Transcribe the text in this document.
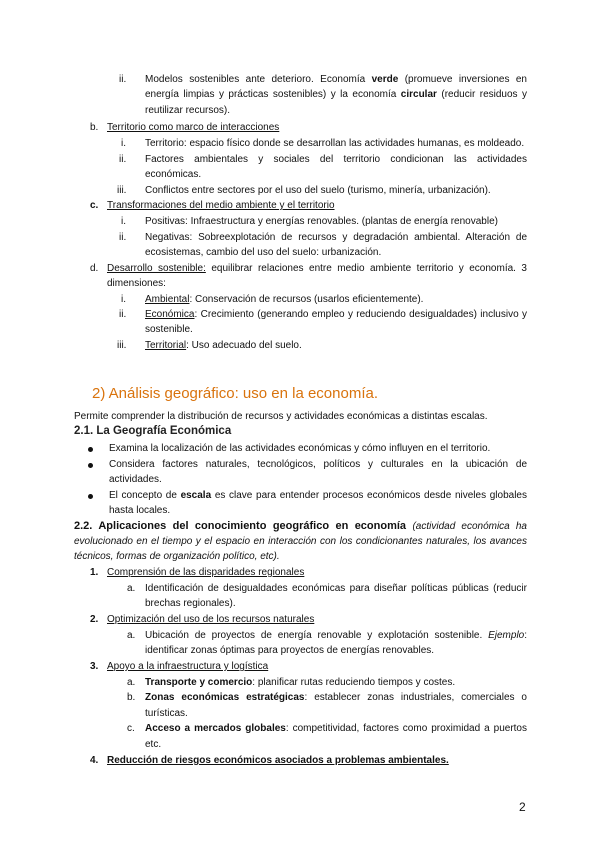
ii. Modelos sostenibles ante deterioro. Economía verde (promueve inversiones en
energía limpias y prácticas sostenibles) y la economía circular (reducir residuos y
reutilizar recursos).
b. Territorio como marco de interacciones
i. Territorio: espacio físico donde se desarrollan las actividades humanas, es moldeado.
ii. Factores ambientales y sociales del territorio condicionan las actividades
económicas.
iii. Conflictos entre sectores por el uso del suelo (turismo, minería, urbanización).
c. Transformaciones del medio ambiente y el territorio
i. Positivas: Infraestructura y energías renovables. (plantas de energía renovable)
ii. Negativas: Sobreexplotación de recursos y degradación ambiental. Alteración de
ecosistemas, cambio del uso del suelo: urbanización.
d. Desarrollo sostenible: equilibrar relaciones entre medio ambiente territorio y economía. 3
dimensiones:
i. Ambiental: Conservación de recursos (usarlos eficientemente).
ii. Económica: Crecimiento (generando empleo y reduciendo desigualdades) inclusivo y
sostenible.
iii. Territorial: Uso adecuado del suelo.
2) Análisis geográfico: uso en la economía.
Permite comprender la distribución de recursos y actividades económicas a distintas escalas.
2.1. La Geografía Económica
Examina la localización de las actividades económicas y cómo influyen en el territorio.
Considera factores naturales, tecnológicos, políticos y culturales en la ubicación de
actividades.
El concepto de escala es clave para entender procesos económicos desde niveles globales
hasta locales.
2.2. Aplicaciones del conocimiento geográfico en economía (actividad económica ha
evolucionado en el tiempo y el espacio en interacción con los condicionantes naturales, los avances
técnicos, formas de organización político, etc).
1. Comprensión de las disparidades regionales
a. Identificación de desigualdades económicas para diseñar políticas públicas (reducir
brechas regionales).
2. Optimización del uso de los recursos naturales
a. Ubicación de proyectos de energía renovable y explotación sostenible. Ejemplo:
identificar zonas óptimas para proyectos de energías renovables.
3. Apoyo a la infraestructura y logística
a. Transporte y comercio: planificar rutas reduciendo tiempos y costes.
b. Zonas económicas estratégicas: establecer zonas industriales, comerciales o
turísticas.
c. Acceso a mercados globales: competitividad, factores como proximidad a puertos
etc.
4. Reducción de riesgos económicos asociados a problemas ambientales.
2
